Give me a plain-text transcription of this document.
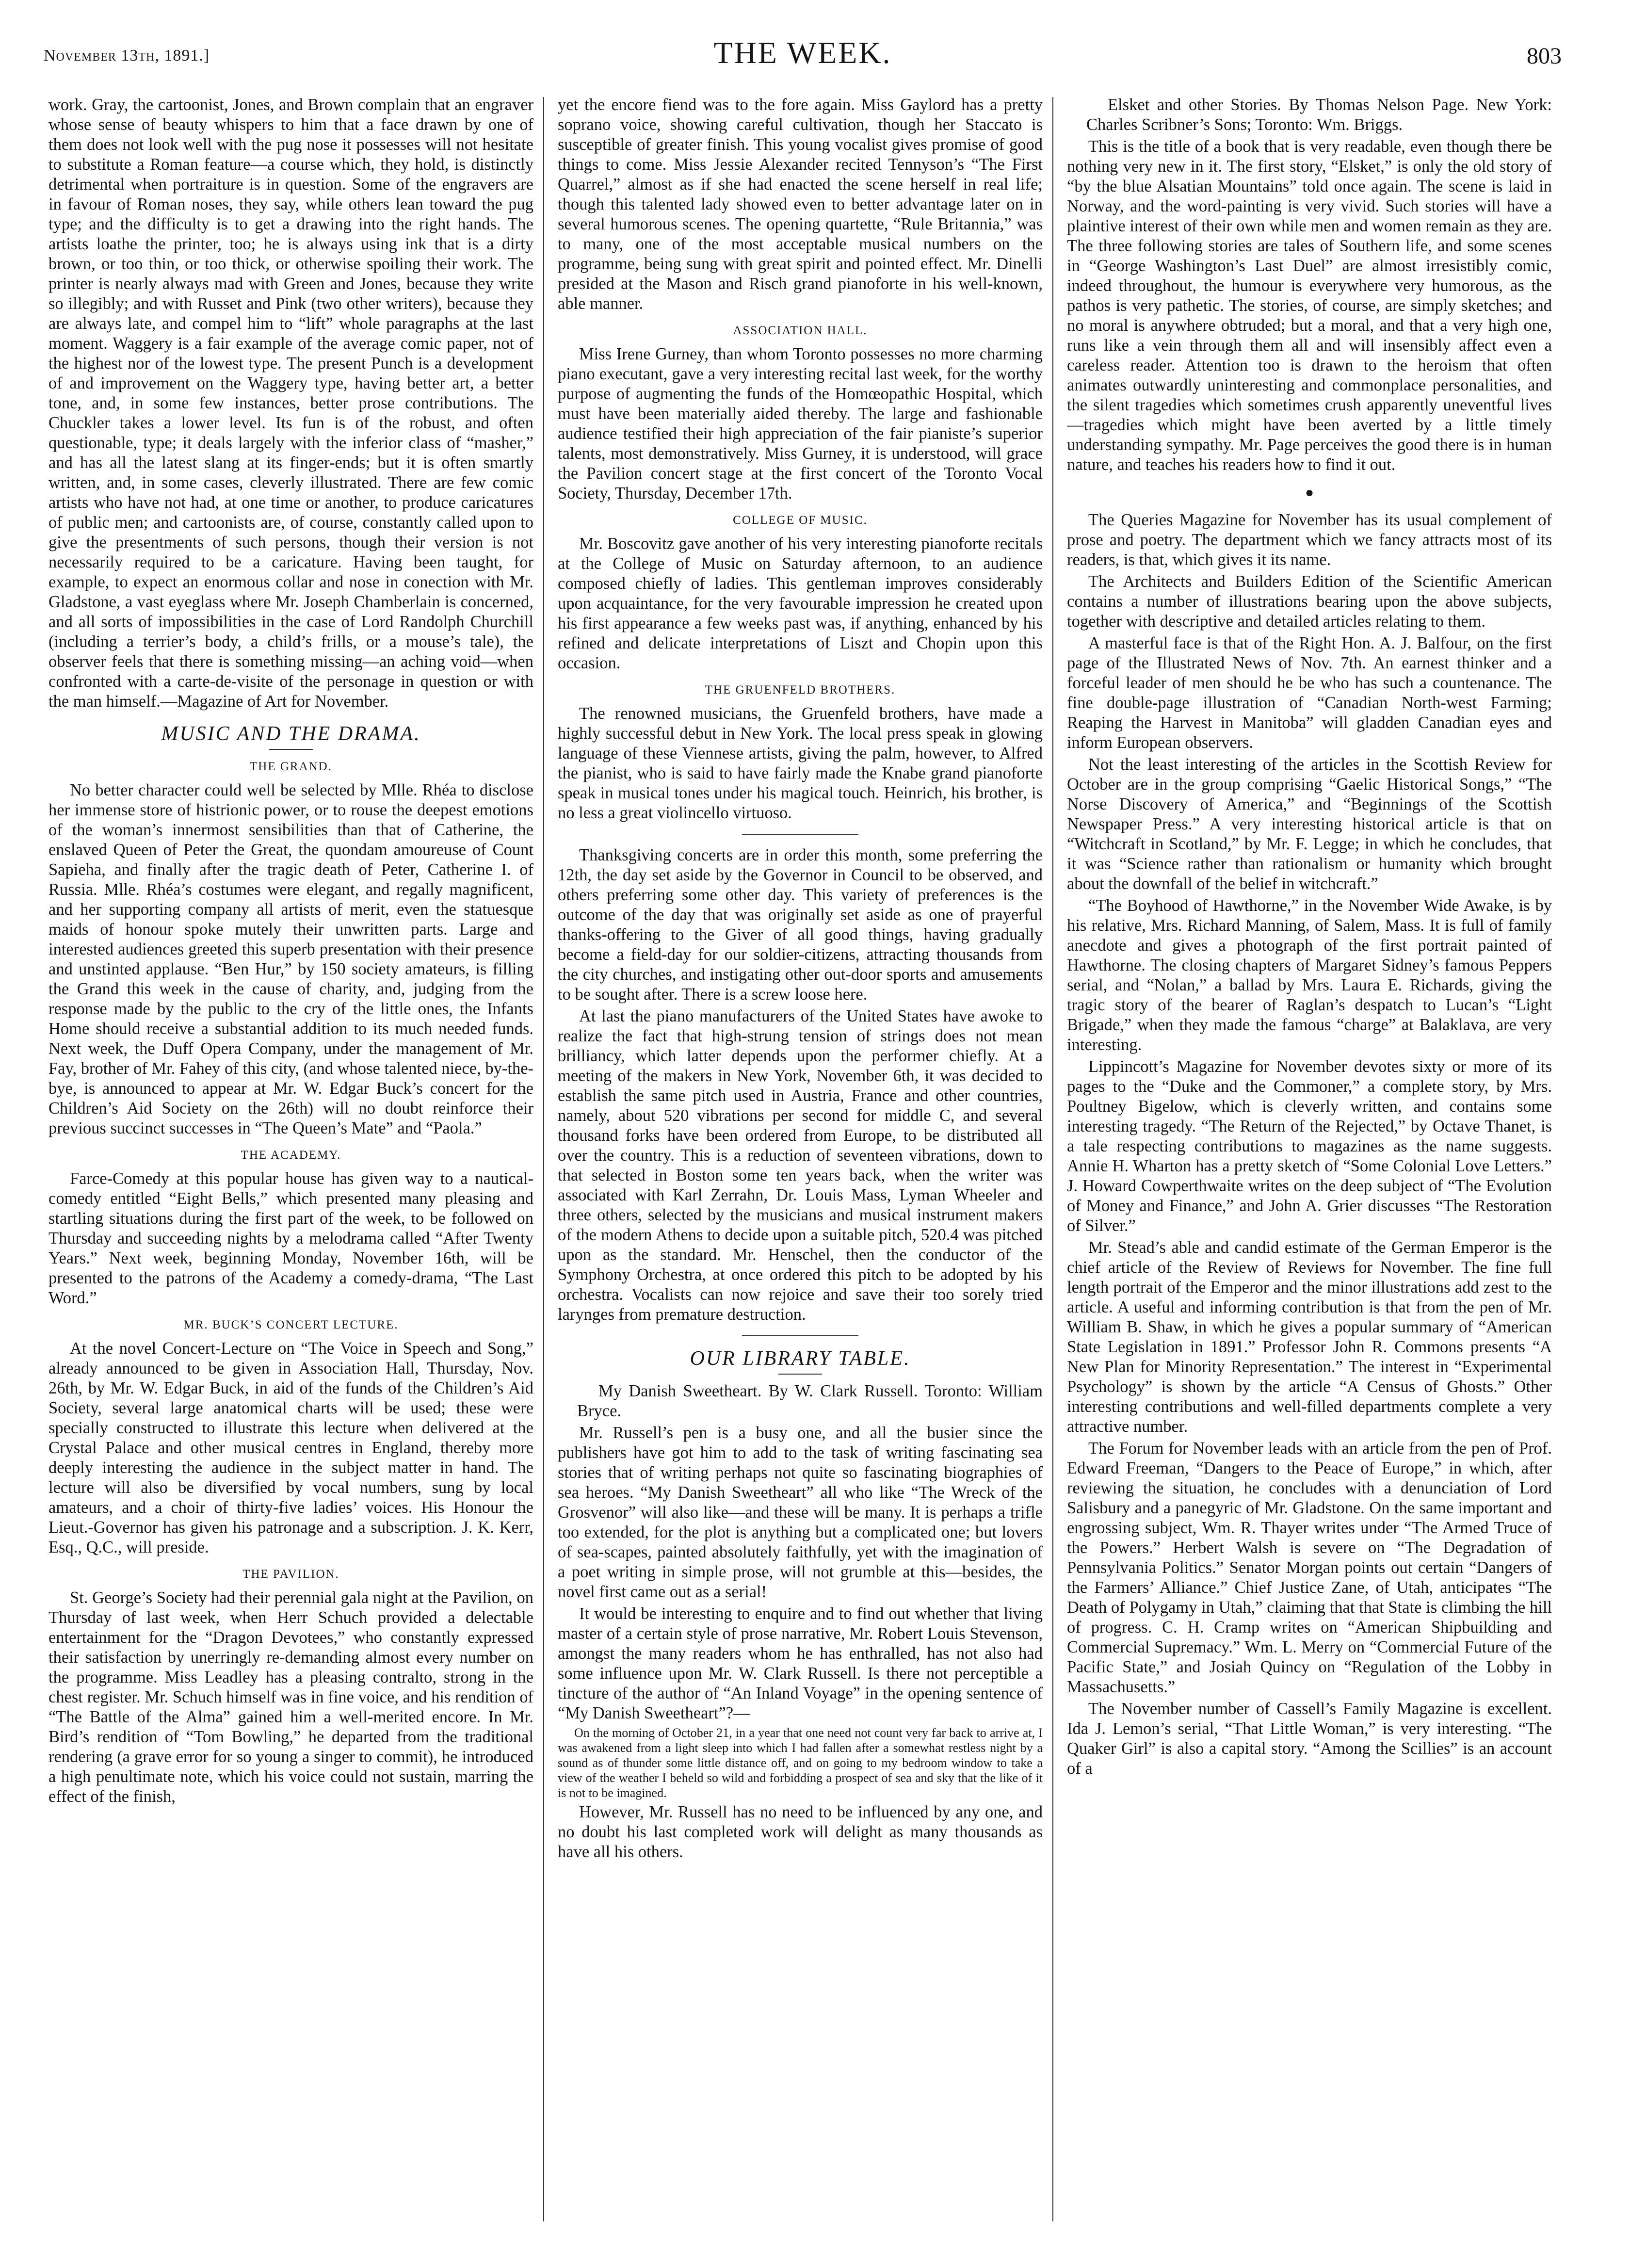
November 13th, 1891.]	THE WEEK.	803

work. Gray, the cartoonist, Jones, and Brown complain that an engraver whose sense of beauty whispers to him that a face drawn by one of them does not look well with the pug nose it possesses will not hesitate to substitute a Roman feature—a course which, they hold, is distinctly detrimental when portraiture is in question. Some of the engravers are in favour of Roman noses, they say, while others lean toward the pug type; and the difficulty is to get a drawing into the right hands. The artists loathe the printer, too; he is always using ink that is a dirty brown, or too thin, or too thick, or otherwise spoiling their work. The printer is nearly always mad with Green and Jones, because they write so illegibly; and with Russet and Pink (two other writers), because they are always late, and compel him to “lift” whole paragraphs at the last moment. Waggery is a fair example of the average comic paper, not of the highest nor of the lowest type. The present Punch is a development of and improvement on the Waggery type, having better art, a better tone, and, in some few instances, better prose contributions. The Chuckler takes a lower level. Its fun is of the robust, and often questionable, type; it deals largely with the inferior class of “masher,” and has all the latest slang at its finger-ends; but it is often smartly written, and, in some cases, cleverly illustrated. There are few comic artists who have not had, at one time or another, to produce caricatures of public men; and cartoonists are, of course, constantly called upon to give the presentments of such persons, though their version is not necessarily required to be a caricature. Having been taught, for example, to expect an enormous collar and nose in conection with Mr. Gladstone, a vast eyeglass where Mr. Joseph Chamberlain is concerned, and all sorts of impossibilities in the case of Lord Randolph Churchill (including a terrier’s body, a child’s frills, or a mouse’s tale), the observer feels that there is something missing—an aching void—when confronted with a carte-de-visite of the personage in question or with the man himself.—Magazine of Art for November.

MUSIC AND THE DRAMA.
THE GRAND.

No better character could well be selected by Mlle. Rhéa to disclose her immense store of histrionic power, or to rouse the deepest emotions of the woman’s innermost sensibilities than that of Catherine, the enslaved Queen of Peter the Great, the quondam amoureuse of Count Sapieha, and finally after the tragic death of Peter, Catherine I. of Russia. Mlle. Rhéa’s costumes were elegant, and regally magnificent, and her supporting company all artists of merit, even the statuesque maids of honour spoke mutely their unwritten parts. Large and interested audiences greeted this superb presentation with their presence and unstinted applause. “Ben Hur,” by 150 society amateurs, is filling the Grand this week in the cause of charity, and, judging from the response made by the public to the cry of the little ones, the Infants Home should receive a substantial addition to its much needed funds. Next week, the Duff Opera Company, under the management of Mr. Fay, brother of Mr. Fahey of this city, (and whose talented niece, by-the-bye, is announced to appear at Mr. W. Edgar Buck’s concert for the Children’s Aid Society on the 26th) will no doubt reinforce their previous succinct successes in “The Queen’s Mate” and “Paola.”

THE ACADEMY.

Farce-Comedy at this popular house has given way to a nautical-comedy entitled “Eight Bells,” which presented many pleasing and startling situations during the first part of the week, to be followed on Thursday and succeeding nights by a melodrama called “After Twenty Years.” Next week, beginning Monday, November 16th, will be presented to the patrons of the Academy a comedy-drama, “The Last Word.”

MR. BUCK’S CONCERT LECTURE.

At the novel Concert-Lecture on “The Voice in Speech and Song,” already announced to be given in Association Hall, Thursday, Nov. 26th, by Mr. W. Edgar Buck, in aid of the funds of the Children’s Aid Society, several large anatomical charts will be used; these were specially constructed to illustrate this lecture when delivered at the Crystal Palace and other musical centres in England, thereby more deeply interesting the audience in the subject matter in hand. The lecture will also be diversified by vocal numbers, sung by local amateurs, and a choir of thirty-five ladies’ voices. His Honour the Lieut.-Governor has given his patronage and a subscription. J. K. Kerr, Esq., Q.C., will preside.

THE PAVILION.

St. George’s Society had their perennial gala night at the Pavilion, on Thursday of last week, when Herr Schuch provided a delectable entertainment for the “Dragon Devotees,” who constantly expressed their satisfaction by unerringly re-demanding almost every number on the programme. Miss Leadley has a pleasing contralto, strong in the chest register. Mr. Schuch himself was in fine voice, and his rendition of “The Battle of the Alma” gained him a well-merited encore. In Mr. Bird’s rendition of “Tom Bowling,” he departed from the traditional rendering (a grave error for so young a singer to commit), he introduced a high penultimate note, which his voice could not sustain, marring the effect of the finish,

yet the encore fiend was to the fore again. Miss Gaylord has a pretty soprano voice, showing careful cultivation, though her Staccato is susceptible of greater finish. This young vocalist gives promise of good things to come. Miss Jessie Alexander recited Tennyson’s “The First Quarrel,” almost as if she had enacted the scene herself in real life; though this talented lady showed even to better advantage later on in several humorous scenes. The opening quartette, “Rule Britannia,” was to many, one of the most acceptable musical numbers on the programme, being sung with great spirit and pointed effect. Mr. Dinelli presided at the Mason and Risch grand pianoforte in his well-known, able manner.

ASSOCIATION HALL.

Miss Irene Gurney, than whom Toronto possesses no more charming piano executant, gave a very interesting recital last week, for the worthy purpose of augmenting the funds of the Homœopathic Hospital, which must have been materially aided thereby. The large and fashionable audience testified their high appreciation of the fair pianiste’s superior talents, most demonstratively. Miss Gurney, it is understood, will grace the Pavilion concert stage at the first concert of the Toronto Vocal Society, Thursday, December 17th.

COLLEGE OF MUSIC.

Mr. Boscovitz gave another of his very interesting pianoforte recitals at the College of Music on Saturday afternoon, to an audience composed chiefly of ladies. This gentleman improves considerably upon acquaintance, for the very favourable impression he created upon his first appearance a few weeks past was, if anything, enhanced by his refined and delicate interpretations of Liszt and Chopin upon this occasion.

THE GRUENFELD BROTHERS.

The renowned musicians, the Gruenfeld brothers, have made a highly successful debut in New York. The local press speak in glowing language of these Viennese artists, giving the palm, however, to Alfred the pianist, who is said to have fairly made the Knabe grand pianoforte speak in musical tones under his magical touch. Heinrich, his brother, is no less a great violincello virtuoso.

Thanksgiving concerts are in order this month, some preferring the 12th, the day set aside by the Governor in Council to be observed, and others preferring some other day. This variety of preferences is the outcome of the day that was originally set aside as one of prayerful thanks-offering to the Giver of all good things, having gradually become a field-day for our soldier-citizens, attracting thousands from the city churches, and instigating other out-door sports and amusements to be sought after. There is a screw loose here.

At last the piano manufacturers of the United States have awoke to realize the fact that high-strung tension of strings does not mean brilliancy, which latter depends upon the performer chiefly. At a meeting of the makers in New York, November 6th, it was decided to establish the same pitch used in Austria, France and other countries, namely, about 520 vibrations per second for middle C, and several thousand forks have been ordered from Europe, to be distributed all over the country. This is a reduction of seventeen vibrations, down to that selected in Boston some ten years back, when the writer was associated with Karl Zerrahn, Dr. Louis Mass, Lyman Wheeler and three others, selected by the musicians and musical instrument makers of the modern Athens to decide upon a suitable pitch, 520.4 was pitched upon as the standard. Mr. Henschel, then the conductor of the Symphony Orchestra, at once ordered this pitch to be adopted by his orchestra. Vocalists can now rejoice and save their too sorely tried larynges from premature destruction.

OUR LIBRARY TABLE.

My Danish Sweetheart. By W. Clark Russell. Toronto: William Bryce.

Mr. Russell’s pen is a busy one, and all the busier since the publishers have got him to add to the task of writing fascinating sea stories that of writing perhaps not quite so fascinating biographies of sea heroes. “My Danish Sweetheart” all who like “The Wreck of the Grosvenor” will also like—and these will be many. It is perhaps a trifle too extended, for the plot is anything but a complicated one; but lovers of sea-scapes, painted absolutely faithfully, yet with the imagination of a poet writing in simple prose, will not grumble at this—besides, the novel first came out as a serial!

It would be interesting to enquire and to find out whether that living master of a certain style of prose narrative, Mr. Robert Louis Stevenson, amongst the many readers whom he has enthralled, has not also had some influence upon Mr. W. Clark Russell. Is there not perceptible a tincture of the author of “An Inland Voyage” in the opening sentence of “My Danish Sweetheart”?—

On the morning of October 21, in a year that one need not count very far back to arrive at, I was awakened from a light sleep into which I had fallen after a somewhat restless night by a sound as of thunder some little distance off, and on going to my bedroom window to take a view of the weather I beheld so wild and forbidding a prospect of sea and sky that the like of it is not to be imagined.

However, Mr. Russell has no need to be influenced by any one, and no doubt his last completed work will delight as many thousands as have all his others.

Elsket and other Stories. By Thomas Nelson Page. New York: Charles Scribner’s Sons; Toronto: Wm. Briggs.

This is the title of a book that is very readable, even though there be nothing very new in it. The first story, “Elsket,” is only the old story of “by the blue Alsatian Mountains” told once again. The scene is laid in Norway, and the word-painting is very vivid. Such stories will have a plaintive interest of their own while men and women remain as they are. The three following stories are tales of Southern life, and some scenes in “George Washington’s Last Duel” are almost irresistibly comic, indeed throughout, the humour is everywhere very humorous, as the pathos is very pathetic. The stories, of course, are simply sketches; and no moral is anywhere obtruded; but a moral, and that a very high one, runs like a vein through them all and will insensibly affect even a careless reader. Attention too is drawn to the heroism that often animates outwardly uninteresting and commonplace personalities, and the silent tragedies which sometimes crush apparently uneventful lives—tragedies which might have been averted by a little timely understanding sympathy. Mr. Page perceives the good there is in human nature, and teaches his readers how to find it out.

●

The Queries Magazine for November has its usual complement of prose and poetry. The department which we fancy attracts most of its readers, is that, which gives it its name.

The Architects and Builders Edition of the Scientific American contains a number of illustrations bearing upon the above subjects, together with descriptive and detailed articles relating to them.

A masterful face is that of the Right Hon. A. J. Balfour, on the first page of the Illustrated News of Nov. 7th. An earnest thinker and a forceful leader of men should he be who has such a countenance. The fine double-page illustration of “Canadian North-west Farming; Reaping the Harvest in Manitoba” will gladden Canadian eyes and inform European observers.

Not the least interesting of the articles in the Scottish Review for October are in the group comprising “Gaelic Historical Songs,” “The Norse Discovery of America,” and “Beginnings of the Scottish Newspaper Press.” A very interesting historical article is that on “Witchcraft in Scotland,” by Mr. F. Legge; in which he concludes, that it was “Science rather than rationalism or humanity which brought about the downfall of the belief in witchcraft.”

“The Boyhood of Hawthorne,” in the November Wide Awake, is by his relative, Mrs. Richard Manning, of Salem, Mass. It is full of family anecdote and gives a photograph of the first portrait painted of Hawthorne. The closing chapters of Margaret Sidney’s famous Peppers serial, and “Nolan,” a ballad by Mrs. Laura E. Richards, giving the tragic story of the bearer of Raglan’s despatch to Lucan’s “Light Brigade,” when they made the famous “charge” at Balaklava, are very interesting.

Lippincott’s Magazine for November devotes sixty or more of its pages to the “Duke and the Commoner,” a complete story, by Mrs. Poultney Bigelow, which is cleverly written, and contains some interesting tragedy. “The Return of the Rejected,” by Octave Thanet, is a tale respecting contributions to magazines as the name suggests. Annie H. Wharton has a pretty sketch of “Some Colonial Love Letters.” J. Howard Cowperthwaite writes on the deep subject of “The Evolution of Money and Finance,” and John A. Grier discusses “The Restoration of Silver.”

Mr. Stead’s able and candid estimate of the German Emperor is the chief article of the Review of Reviews for November. The fine full length portrait of the Emperor and the minor illustrations add zest to the article. A useful and informing contribution is that from the pen of Mr. William B. Shaw, in which he gives a popular summary of “American State Legislation in 1891.” Professor John R. Commons presents “A New Plan for Minority Representation.” The interest in “Experimental Psychology” is shown by the article “A Census of Ghosts.” Other interesting contributions and well-filled departments complete a very attractive number.

The Forum for November leads with an article from the pen of Prof. Edward Freeman, “Dangers to the Peace of Europe,” in which, after reviewing the situation, he concludes with a denunciation of Lord Salisbury and a panegyric of Mr. Gladstone. On the same important and engrossing subject, Wm. R. Thayer writes under “The Armed Truce of the Powers.” Herbert Walsh is severe on “The Degradation of Pennsylvania Politics.” Senator Morgan points out certain “Dangers of the Farmers’ Alliance.” Chief Justice Zane, of Utah, anticipates “The Death of Polygamy in Utah,” claiming that that State is climbing the hill of progress. C. H. Cramp writes on “American Shipbuilding and Commercial Supremacy.” Wm. L. Merry on “Commercial Future of the Pacific State,” and Josiah Quincy on “Regulation of the Lobby in Massachusetts.”

The November number of Cassell’s Family Magazine is excellent. Ida J. Lemon’s serial, “That Little Woman,” is very interesting. “The Quaker Girl” is also a capital story. “Among the Scillies” is an account of a
